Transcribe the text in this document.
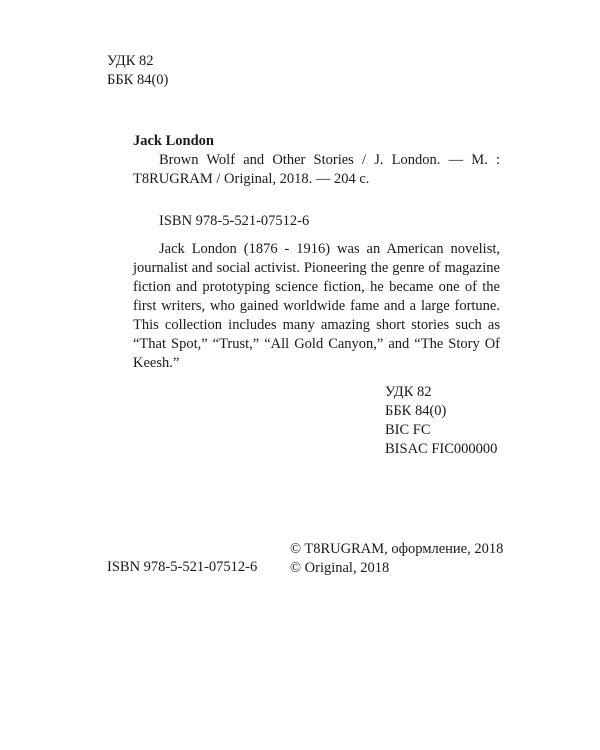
УДК 82
ББК 84(0)
Jack London
Brown Wolf and Other Stories / J. London. — M. : T8RUGRAM / Original, 2018. — 204 c.
ISBN 978-5-521-07512-6

Jack London (1876 - 1916) was an American novelist, journalist and social activist. Pioneering the genre of magazine fiction and prototyping science fiction, he became one of the first writers, who gained worldwide fame and a large fortune. This collection includes many amazing short stories such as “That Spot,” “Trust,” “All Gold Canyon,” and “The Story Of Keesh.”

УДК 82
ББК 84(0)
BIC FC
BISAC FIC000000
© T8RUGRAM, оформление, 2018
© Original, 2018
ISBN 978-5-521-07512-6
